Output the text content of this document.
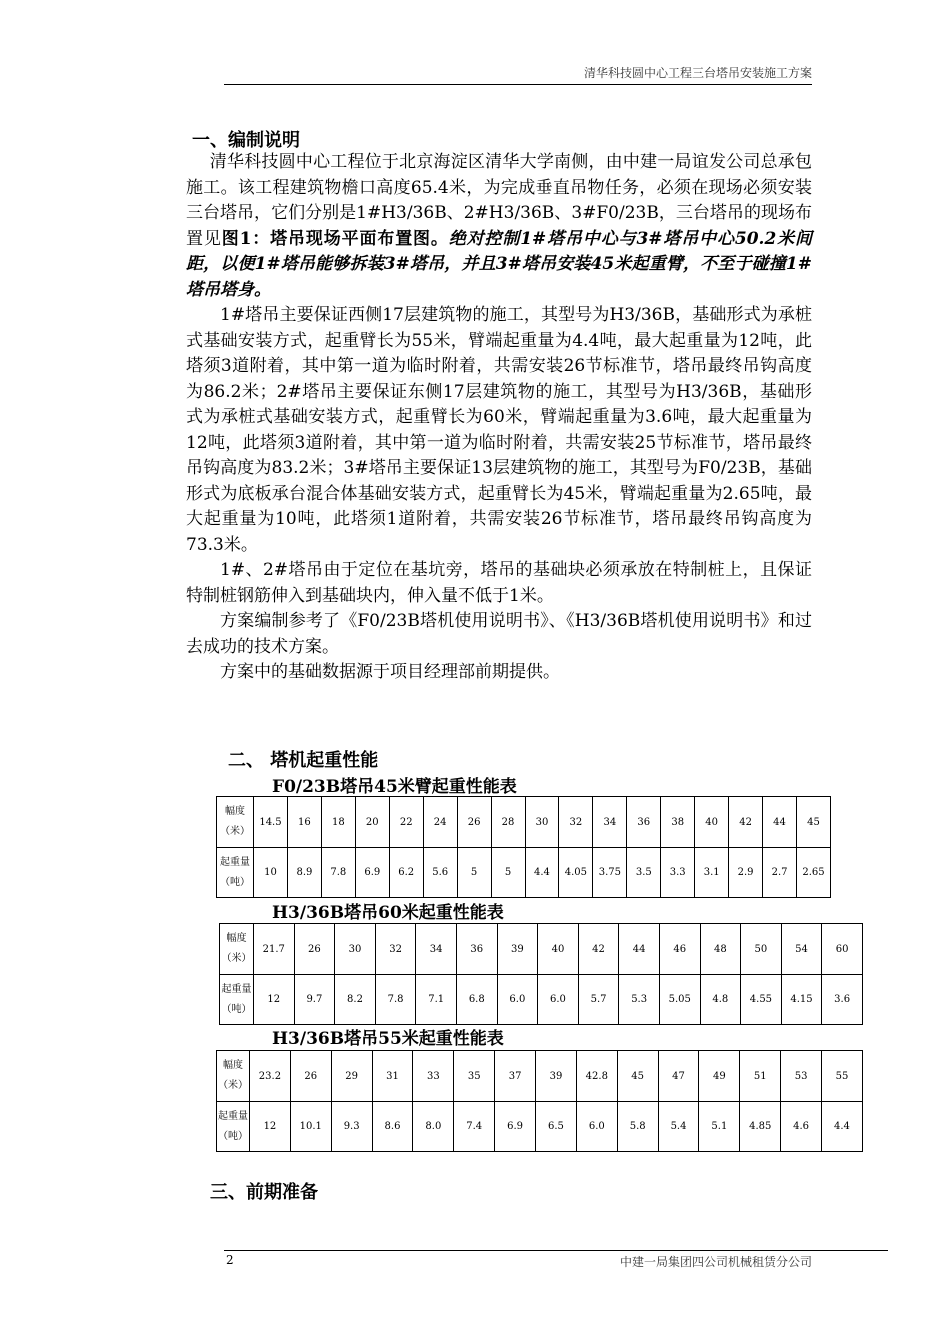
清华科技圆中心工程三台塔吊安装施工方案
一、编制说明

清华科技圆中心工程位于北京海淀区清华大学南侧，由中建一局谊发公司总承包施工。该工程建筑物檐口高度65.4米，为完成垂直吊物任务，必须在现场必须安装三台塔吊，它们分别是1#H3/36B、2#H3/36B、3#F0/23B，三台塔吊的现场布置见图1：塔吊现场平面布置图。绝对控制1#塔吊中心与3#塔吊中心50.2米间距，以便1#塔吊能够拆装3#塔吊，并且3#塔吊安装45米起重臂，不至于碰撞1#塔吊塔身。

1#塔吊主要保证西侧17层建筑物的施工，其型号为H3/36B，基础形式为承桩式基础安装方式，起重臂长为55米，臂端起重量为4.4吨，最大起重量为12吨，此塔须3道附着，其中第一道为临时附着，共需安装26节标准节，塔吊最终吊钩高度为86.2米；2#塔吊主要保证东侧17层建筑物的施工，其型号为H3/36B，基础形式为承桩式基础安装方式，起重臂长为60米，臂端起重量为3.6吨，最大起重量为12吨，此塔须3道附着，其中第一道为临时附着，共需安装25节标准节，塔吊最终吊钩高度为83.2米；3#塔吊主要保证13层建筑物的施工，其型号为F0/23B，基础形式为底板承台混合体基础安装方式，起重臂长为45米，臂端起重量为2.65吨，最大起重量为10吨，此塔须1道附着，共需安装26节标准节，塔吊最终吊钩高度为73.3米。

1#、2#塔吊由于定位在基坑旁，塔吊的基础块必须承放在特制桩上，且保证特制桩钢筋伸入到基础块内，伸入量不低于1米。

方案编制参考了《F0/23B塔机使用说明书》、《H3/36B塔机使用说明书》和过去成功的技术方案。

方案中的基础数据源于项目经理部前期提供。

二、 塔机起重性能
F0/23B塔吊45米臂起重性能表
幅度（米）	14.5	16	18	20	22	24	26	28	30	32	34	36	38	40	42	44	45
起重量（吨）	10	8.9	7.8	6.9	6.2	5.6	5	5	4.4	4.05	3.75	3.5	3.3	3.1	2.9	2.7	2.65
H3/36B塔吊60米起重性能表
幅度（米）	21.7	26	30	32	34	36	39	40	42	44	46	48	50	54	60
起重量（吨）	12	9.7	8.2	7.8	7.1	6.8	6.0	6.0	5.7	5.3	5.05	4.8	4.55	4.15	3.6
H3/36B塔吊55米起重性能表
幅度（米）	23.2	26	29	31	33	35	37	39	42.8	45	47	49	51	53	55
起重量（吨）	12	10.1	9.3	8.6	8.0	7.4	6.9	6.5	6.0	5.8	5.4	5.1	4.85	4.6	4.4
三、前期准备
2	中建一局集团四公司机械租赁分公司
